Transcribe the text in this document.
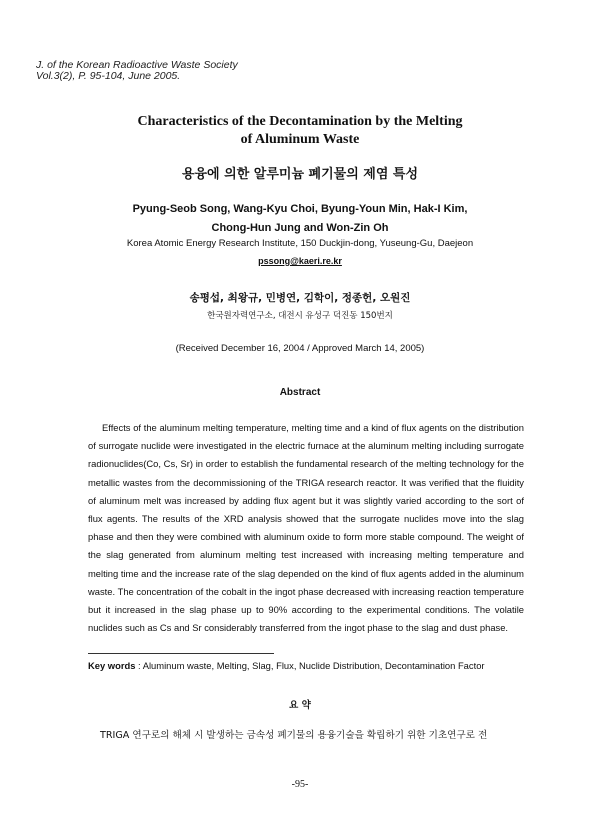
J. of the Korean Radioactive Waste Society
Vol.3(2), P. 95-104, June 2005.
Characteristics of the Decontamination by the Melting
of Aluminum Waste
용융에 의한 알루미늄 폐기물의 제염 특성
Pyung-Seob Song, Wang-Kyu Choi, Byung-Youn Min, Hak-I Kim,
Chong-Hun Jung and Won-Zin Oh
Korea Atomic Energy Research Institute, 150 Duckjin-dong, Yuseung-Gu, Daejeon
pssong@kaeri.re.kr
송평섭, 최왕규, 민병연, 김학이, 정종헌, 오원진
한국원자력연구소, 대전시 유성구 덕진동 150번지
(Received December 16, 2004 / Approved March 14, 2005)
Abstract

Effects of the aluminum melting temperature, melting time and a kind of flux agents on the distribution of surrogate nuclide were investigated in the electric furnace at the aluminum melting including surrogate radionuclides(Co, Cs, Sr) in order to establish the fundamental research of the melting technology for the metallic wastes from the decommissioning of the TRIGA research reactor. It was verified that the fluidity of aluminum melt was increased by adding flux agent but it was slightly varied according to the sort of flux agents. The results of the XRD analysis showed that the surrogate nuclides move into the slag phase and then they were combined with aluminum oxide to form more stable compound. The weight of the slag generated from aluminum melting test increased with increasing melting temperature and melting time and the increase rate of the slag depended on the kind of flux agents added in the aluminum waste. The concentration of the cobalt in the ingot phase decreased with increasing reaction temperature but it increased in the slag phase up to 90% according to the experimental conditions. The volatile nuclides such as Cs and Sr considerably transferred from the ingot phase to the slag and dust phase.

Key words : Aluminum waste, Melting, Slag, Flux, Nuclide Distribution, Decontamination Factor
요 약

TRIGA 연구로의 해체 시 발생하는 금속성 폐기물의 용융기술을 확립하기 위한 기초연구로 전

-95-
